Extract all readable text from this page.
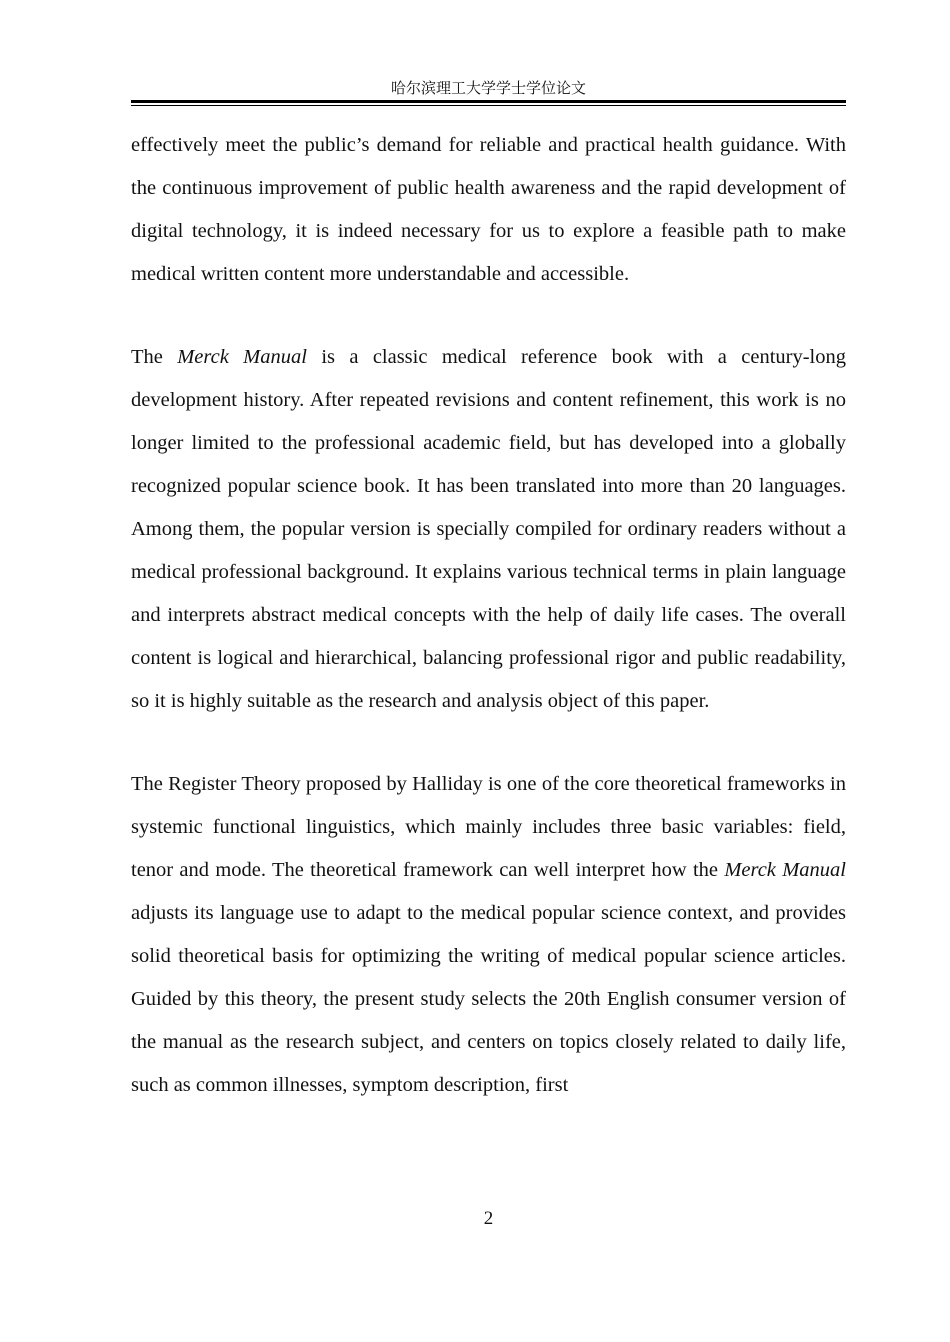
哈尔滨理工大学学士学位论文

effectively meet the public’s demand for reliable and practical health guidance. With the continuous improvement of public health awareness and the rapid development of digital technology, it is indeed necessary for us to explore a feasible path to make medical written content more understandable and accessible.

The Merck Manual is a classic medical reference book with a century-long development history. After repeated revisions and content refinement, this work is no longer limited to the professional academic field, but has developed into a globally recognized popular science book. It has been translated into more than 20 languages. Among them, the popular version is specially compiled for ordinary readers without a medical professional background. It explains various technical terms in plain language and interprets abstract medical concepts with the help of daily life cases. The overall content is logical and hierarchical, balancing professional rigor and public readability, so it is highly suitable as the research and analysis object of this paper.

The Register Theory proposed by Halliday is one of the core theoretical frameworks in systemic functional linguistics, which mainly includes three basic variables: field, tenor and mode. The theoretical framework can well interpret how the Merck Manual adjusts its language use to adapt to the medical popular science context, and provides solid theoretical basis for optimizing the writing of medical popular science articles. Guided by this theory, the present study selects the 20th English consumer version of the manual as the research subject, and centers on topics closely related to daily life, such as common illnesses, symptom description, first

2
